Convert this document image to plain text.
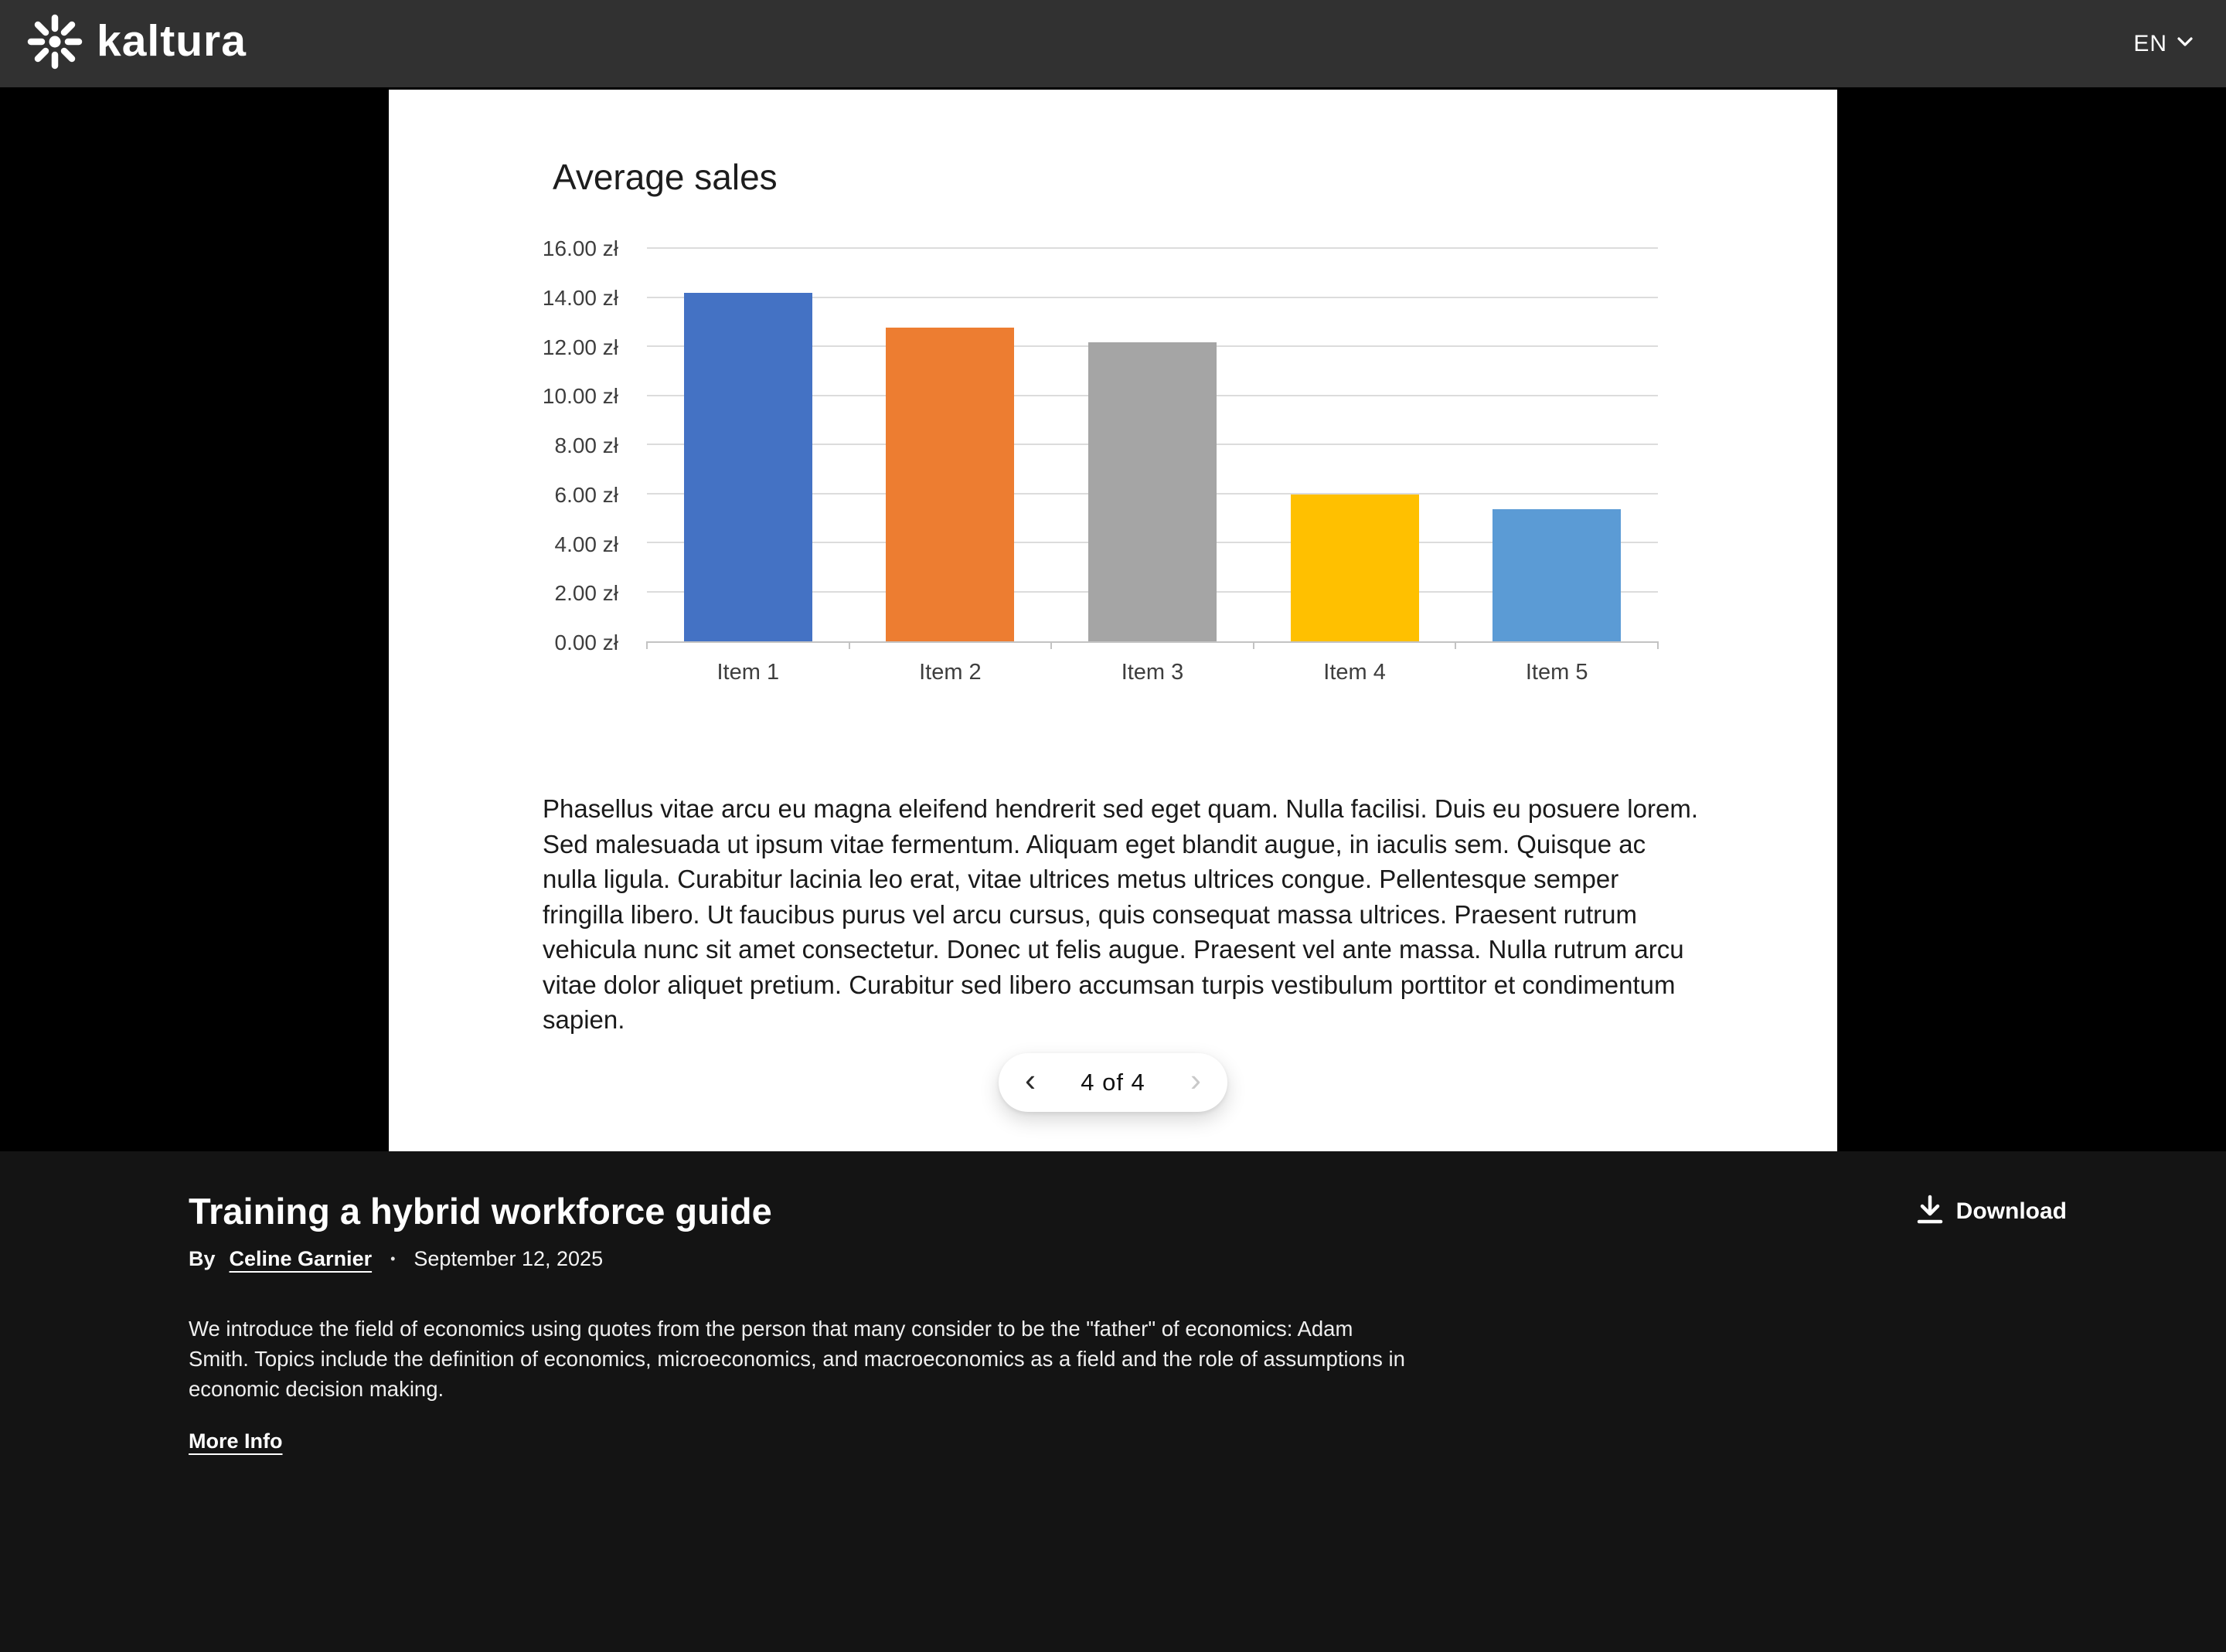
kaltura	EN
Average sales
0.00 zł
2.00 zł
4.00 zł
6.00 zł
8.00 zł
10.00 zł
12.00 zł
14.00 zł
16.00 zł
Item 1	Item 2	Item 3	Item 4	Item 5
Phasellus vitae arcu eu magna eleifend hendrerit sed eget quam. Nulla facilisi. Duis eu posuere lorem. Sed malesuada ut ipsum vitae fermentum. Aliquam eget blandit augue, in iaculis sem. Quisque ac nulla ligula. Curabitur lacinia leo erat, vitae ultrices metus ultrices congue. Pellentesque semper fringilla libero. Ut faucibus purus vel arcu cursus, quis consequat massa ultrices. Praesent rutrum vehicula nunc sit amet consectetur. Donec ut felis augue. Praesent vel ante massa. Nulla rutrum arcu vitae dolor aliquet pretium. Curabitur sed libero accumsan turpis vestibulum porttitor et condimentum sapien.
‹ 4 of 4 ›
Training a hybrid workforce guide
By Celine Garnier	• September 12, 2025
We introduce the field of economics using quotes from the person that many consider to be the "father" of economics: Adam Smith. Topics include the definition of economics, microeconomics, and macroeconomics as a field and the role of assumptions in economic decision making.
More Info
Download
